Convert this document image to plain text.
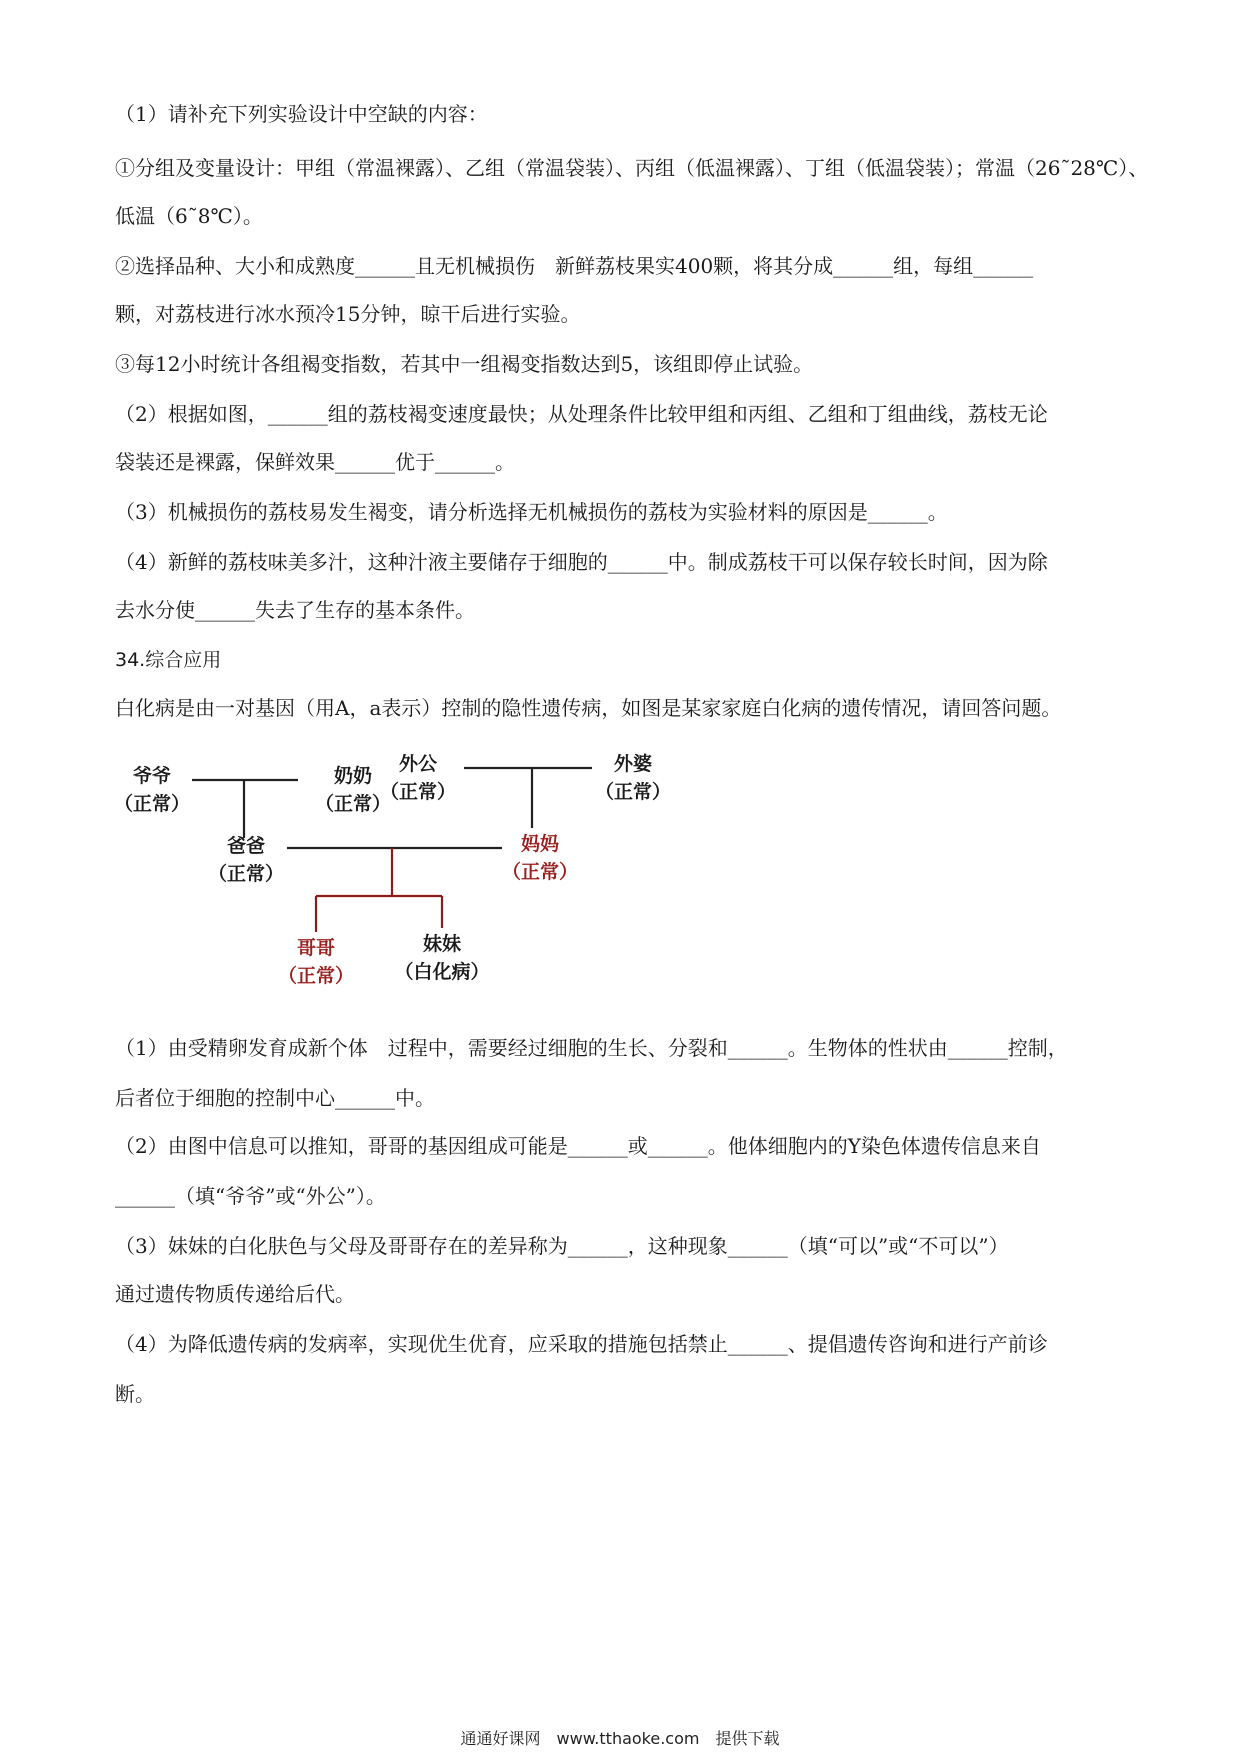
（1）请补充下列实验设计中空缺的内容：
①分组及变量设计：甲组（常温裸露）、乙组（常温袋装）、丙组（低温裸露）、丁组（低温袋装）；常温（26˜28℃）、
低温（6˜8℃）。
②选择品种、大小和成熟度______且无机械损伤　新鲜荔枝果实400颗，将其分成______组，每组______
颗，对荔枝进行冰水预冷15分钟，晾干后进行实验。
③每12小时统计各组褐变指数，若其中一组褐变指数达到5，该组即停止试验。
（2）根据如图，______组的荔枝褐变速度最快；从处理条件比较甲组和丙组、乙组和丁组曲线，荔枝无论
袋装还是裸露，保鲜效果______优于______。
（3）机械损伤的荔枝易发生褐变，请分析选择无机械损伤的荔枝为实验材料的原因是______。
（4）新鲜的荔枝味美多汁，这种汁液主要储存于细胞的______中。制成荔枝干可以保存较长时间，因为除
去水分使______失去了生存的基本条件。
34.综合应用
白化病是由一对基因（用A，a表示）控制的隐性遗传病，如图是某家家庭白化病的遗传情况，请回答问题。
爷爷
（正常）
奶奶
（正常）
外公
（正常）
外婆
（正常）
爸爸
（正常）
妈妈
（正常）
哥哥
（正常）
妹妹
（白化病）
（1）由受精卵发育成新个体　过程中，需要经过细胞的生长、分裂和______。生物体的性状由______控制，
后者位于细胞的控制中心______中。
（2）由图中信息可以推知，哥哥的基因组成可能是______或______。他体细胞内的Y染色体遗传信息来自
______（填“爷爷”或“外公”）。
（3）妹妹的白化肤色与父母及哥哥存在的差异称为______，这种现象______（填“可以”或“不可以”）
通过遗传物质传递给后代。
（4）为降低遗传病的发病率，实现优生优育，应采取的措施包括禁止______、提倡遗传咨询和进行产前诊
断。
通通好课网　www.tthaoke.com　提供下载
